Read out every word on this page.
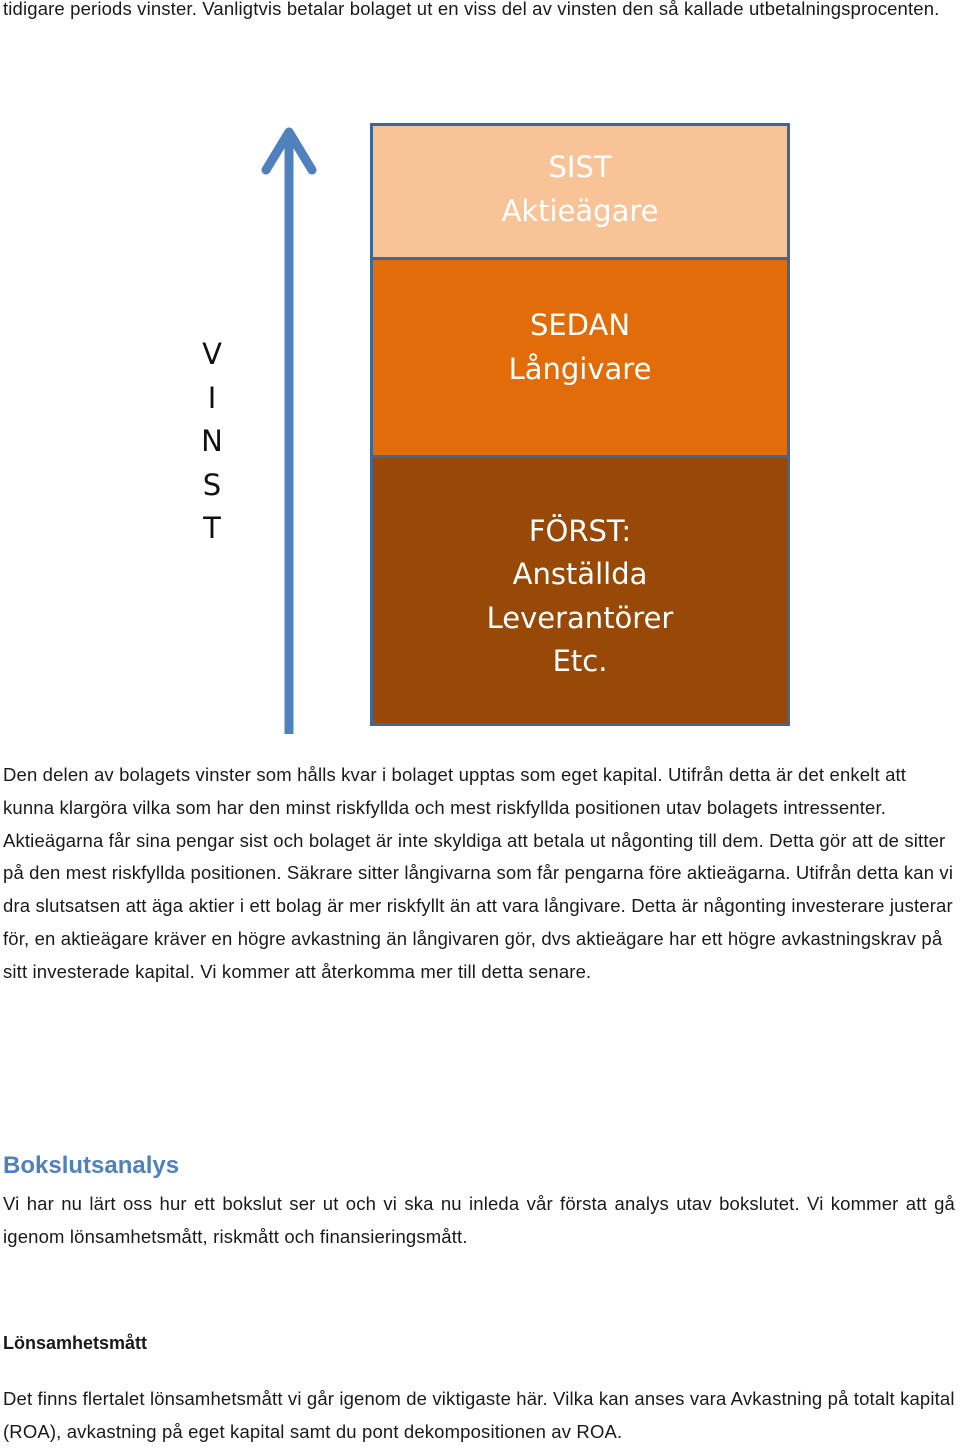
tidigare periods vinster. Vanligtvis betalar bolaget ut en viss del av vinsten den så kallade utbetalningsprocenten.

V
I
N
S
T
SIST
Aktieägare
SEDAN
Långivare
FÖRST:
Anställda
Leverantörer
Etc.

Den delen av bolagets vinster som hålls kvar i bolaget upptas som eget kapital. Utifrån detta är det enkelt att kunna klargöra vilka som har den minst riskfyllda och mest riskfyllda positionen utav bolagets intressenter. Aktieägarna får sina pengar sist och bolaget är inte skyldiga att betala ut någonting till dem. Detta gör att de sitter på den mest riskfyllda positionen. Säkrare sitter långivarna som får pengarna före aktieägarna. Utifrån detta kan vi dra slutsatsen att äga aktier i ett bolag är mer riskfyllt än att vara långivare. Detta är någonting investerare justerar för, en aktieägare kräver en högre avkastning än långivaren gör, dvs aktieägare har ett högre avkastningskrav på sitt investerade kapital. Vi kommer att återkomma mer till detta senare.

Bokslutsanalys

Vi har nu lärt oss hur ett bokslut ser ut och vi ska nu inleda vår första analys utav bokslutet. Vi kommer att gå igenom lönsamhetsmått, riskmått och finansieringsmått.

Lönsamhetsmått

Det finns flertalet lönsamhetsmått vi går igenom de viktigaste här. Vilka kan anses vara Avkastning på totalt kapital (ROA), avkastning på eget kapital samt du pont dekompositionen av ROA.
